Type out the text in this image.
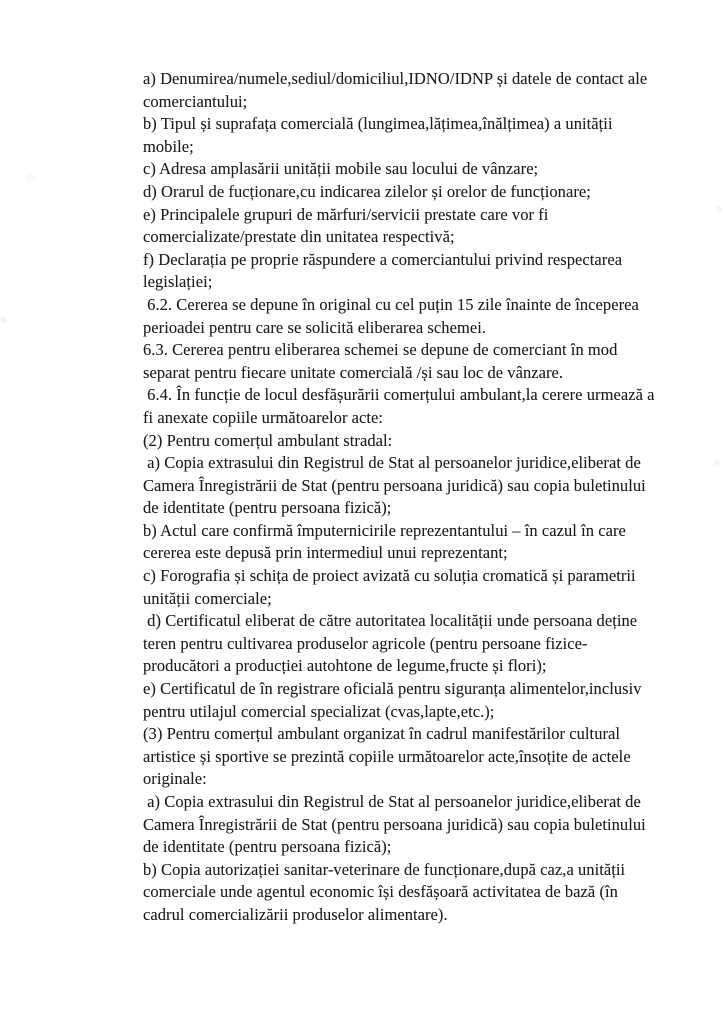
a) Denumirea/numele,sediul/domiciliul,IDNO/IDNP și datele de contact ale
comerciantului;
b) Tipul și suprafața comercială (lungimea,lățimea,înălțimea) a unității
mobile;
c) Adresa amplasării unității mobile sau locului de vânzare;
d) Orarul de fucționare,cu indicarea zilelor și orelor de funcționare;
e) Principalele grupuri de mărfuri/servicii prestate care vor fi
comercializate/prestate din unitatea respectivă;
f) Declarația pe proprie răspundere a comerciantului privind respectarea
legislației;
6.2. Cererea se depune în original cu cel puțin 15 zile înainte de începerea
perioadei pentru care se solicită eliberarea schemei.
6.3. Cererea pentru eliberarea schemei se depune de comerciant în mod
separat pentru fiecare unitate comercială /și sau loc de vânzare.
6.4. În funcție de locul desfășurării comerțului ambulant,la cerere urmează a
fi anexate copiile următoarelor acte:
(2) Pentru comerțul ambulant stradal:
a) Copia extrasului din Registrul de Stat al persoanelor juridice,eliberat de
Camera Înregistrării de Stat (pentru persoana juridică) sau copia buletinului
de identitate (pentru persoana fizică);
b) Actul care confirmă împuternicirile reprezentantului – în cazul în care
cererea este depusă prin intermediul unui reprezentant;
c) Forografia și schița de proiect avizată cu soluția cromatică și parametrii
unității comerciale;
d) Certificatul eliberat de către autoritatea localității unde persoana deține
teren pentru cultivarea produselor agricole (pentru persoane fizice-
producători a producției autohtone de legume,fructe și flori);
e) Certificatul de în registrare oficială pentru siguranța alimentelor,inclusiv
pentru utilajul comercial specializat (cvas,lapte,etc.);
(3) Pentru comerțul ambulant organizat în cadrul manifestărilor cultural
artistice și sportive se prezintă copiile următoarelor acte,însoțite de actele
originale:
a) Copia extrasului din Registrul de Stat al persoanelor juridice,eliberat de
Camera Înregistrării de Stat (pentru persoana juridică) sau copia buletinului
de identitate (pentru persoana fizică);
b) Copia autorizației sanitar-veterinare de funcționare,după caz,a unității
comerciale unde agentul economic își desfășoară activitatea de bază (în
cadrul comercializării produselor alimentare).
